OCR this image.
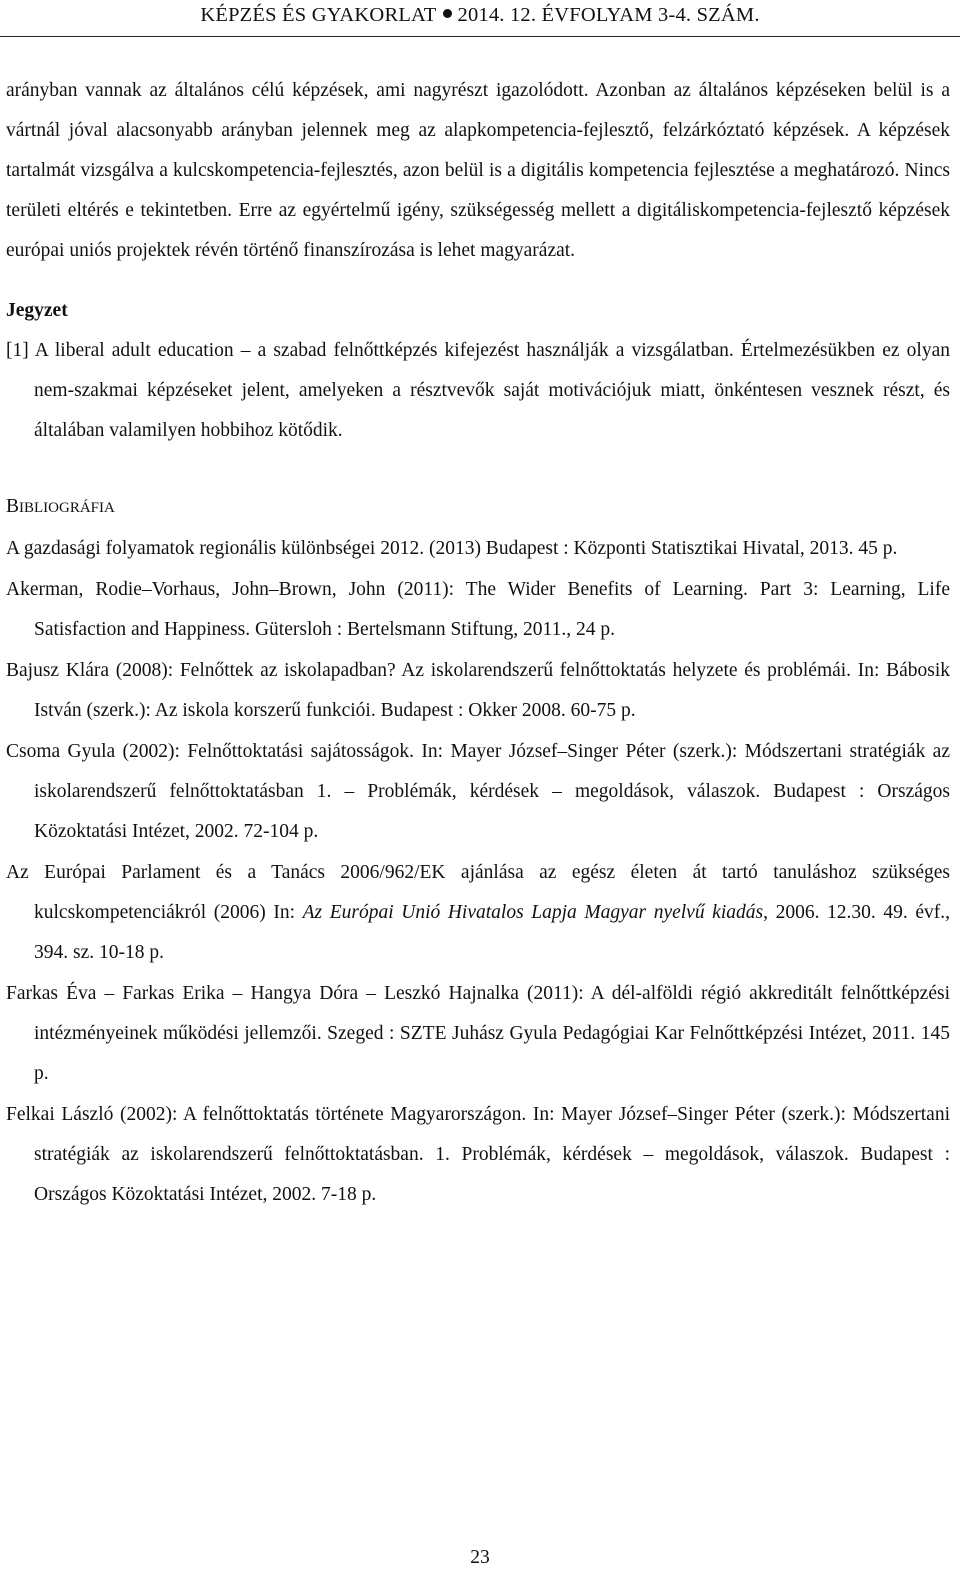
KÉPZÉS ÉS GYAKORLAT 2014. 12. ÉVFOLYAM 3-4. SZÁM.

arányban vannak az általános célú képzések, ami nagyrészt igazolódott. Azonban az általános képzéseken belül is a vártnál jóval alacsonyabb arányban jelennek meg az alapkompetencia-fejlesztő, felzárkóztató képzések. A képzések tartalmát vizsgálva a kulcskompetencia-fejlesztés, azon belül is a digitális kompetencia fejlesztése a meghatározó. Nincs területi eltérés e tekintetben. Erre az egyértelmű igény, szükségesség mellett a digitáliskompetencia-fejlesztő képzések európai uniós projektek révén történő finanszírozása is lehet magyarázat.

Jegyzet

[1] A liberal adult education – a szabad felnőttképzés kifejezést használják a vizsgálatban. Értelmezésükben ez olyan nem-szakmai képzéseket jelent, amelyeken a résztvevők saját motivációjuk miatt, önkéntesen vesznek részt, és általában valamilyen hobbihoz kötődik.

BIBLIOGRÁFIA

A gazdasági folyamatok regionális különbségei 2012. (2013) Budapest : Központi Statisztikai Hivatal, 2013. 45 p.

Akerman, Rodie–Vorhaus, John–Brown, John (2011): The Wider Benefits of Learning. Part 3: Learning, Life Satisfaction and Happiness. Gütersloh : Bertelsmann Stiftung, 2011., 24 p.

Bajusz Klára (2008): Felnőttek az iskolapadban? Az iskolarendszerű felnőttoktatás helyzete és problémái. In: Bábosik István (szerk.): Az iskola korszerű funkciói. Budapest : Okker 2008. 60-75 p.

Csoma Gyula (2002): Felnőttoktatási sajátosságok. In: Mayer József–Singer Péter (szerk.): Módszertani stratégiák az iskolarendszerű felnőttoktatásban 1. – Problémák, kérdések – megoldások, válaszok. Budapest : Országos Közoktatási Intézet, 2002. 72-104 p.

Az Európai Parlament és a Tanács 2006/962/EK ajánlása az egész életen át tartó tanuláshoz szükséges kulcskompetenciákról (2006) In: Az Európai Unió Hivatalos Lapja Magyar nyelvű kiadás, 2006. 12.30. 49. évf., 394. sz. 10-18 p.

Farkas Éva – Farkas Erika – Hangya Dóra – Leszkó Hajnalka (2011): A dél-alföldi régió akkreditált felnőttképzési intézményeinek működési jellemzői. Szeged : SZTE Juhász Gyula Pedagógiai Kar Felnőttképzési Intézet, 2011. 145 p.

Felkai László (2002): A felnőttoktatás története Magyarországon. In: Mayer József–Singer Péter (szerk.): Módszertani stratégiák az iskolarendszerű felnőttoktatásban. 1. Problémák, kérdések – megoldások, válaszok. Budapest : Országos Közoktatási Intézet, 2002. 7-18 p.

23
